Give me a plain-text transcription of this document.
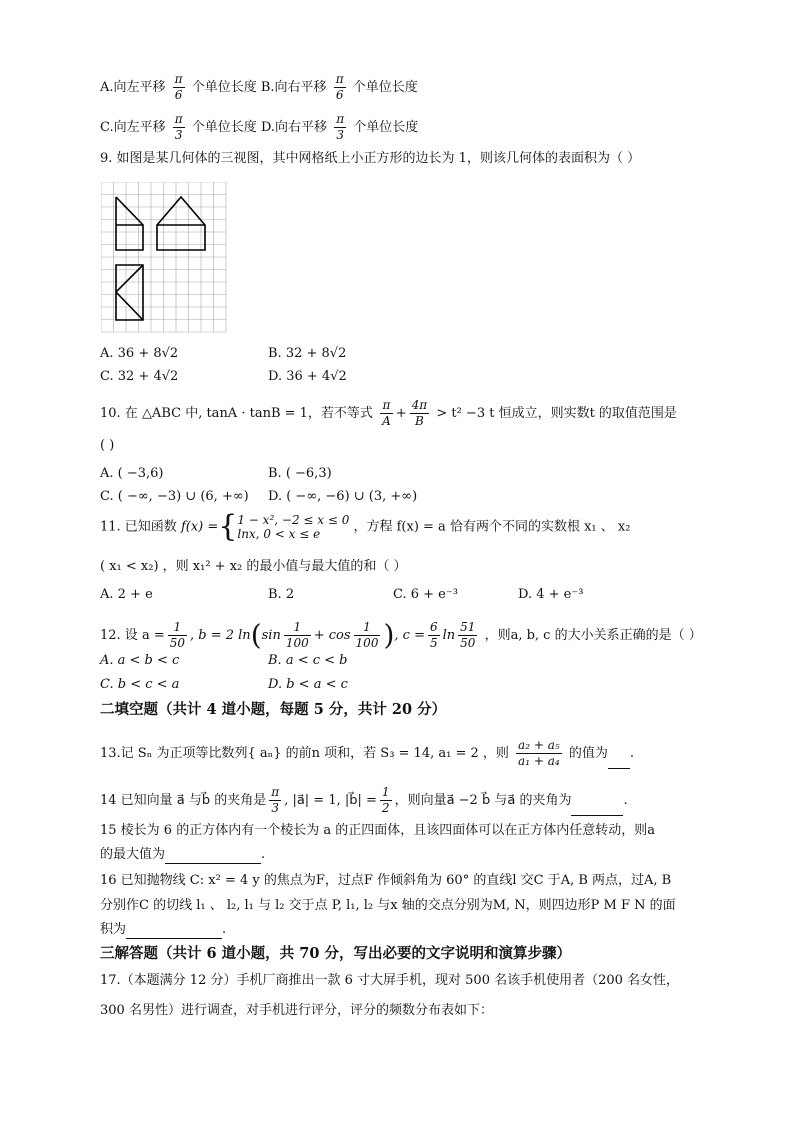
A.向左平移 $\frac{\pi}{6}$ 个单位长度 B.向右平移 $\frac{\pi}{6}$ 个单位长度
C.向左平移 $\frac{\pi}{3}$ 个单位长度 D.向右平移 $\frac{\pi}{3}$ 个单位长度
9. 如图是某几何体的三视图，其中网格纸上小正方形的边长为 1，则该几何体的表面积为（ ）
A. 36 + 8√2	B. 32 + 8√2
C. 32 + 4√2	D. 36 + 4√2
10. 在 △ABC 中, tanA · tanB = 1，若不等式 $\frac{\pi}{A} + \frac{4\pi}{B} > t^2 -3$ t 恒成立，则实数t 的取值范围是
( )
A. ( −3,6)	B. ( −6,3)
C. ( −∞, −3) ∪ (6, +∞) D. ( −∞, −6) ∪ (3, +∞)
11. 已知函数 f(x) ={ 1 − x², −2 ≤ x ≤ 0
lnx, 0 < x ≤ e	，方程 f(x) = a 恰有两个不同的实数根 x₁ 、 x₂
( x₁ < x₂) ，则 x₁² + x₂ 的最小值与最大值的和（ ）
A. 2 + e	B. 2	C. 6 + e⁻³	D. 4 + e⁻³
12. 设 $a = \frac{1}{50}$ , b = 2 $\ln(\sin \frac{1}{100} + \cos \frac{1}{100}$ ), $c = \frac{6}{5}$ $\ln \frac{51}{50}$ ，则a, b, c 的大小关系正确的是（ ）
A. a < b < c	B. a < c < b
C. b < c < a	D. b < a < c
二填空题（共计 4 道小题，每题 5 分，共计 20 分）
13.记 Sₙ 为正项等比数列{ aₙ} 的前n 项和，若 S₃ = 14, a₁ = 2 ，则 $\frac{\text{a₂ + a₅}}{\text{a₁ + a₄}}$ 的值为 .
14 已知向量 a⃗ 与b⃗ 的夹角是 $\frac{\pi}{3}$ , |a⃗| = 1, |b⃗| = $\frac{1}{2}$ ，则向量a⃗ −2 b⃗ 与a⃗ 的夹角为	.
15 棱长为 6 的正方体内有一个棱长为 a 的正四面体，且该四面体可以在正方体内任意转动，则a
的最大值为	.
16 已知抛物线 C: x² = 4 y 的焦点为F，过点F 作倾斜角为 60° 的直线l 交C 于A, B 两点，过A, B
分别作C 的切线 l₁ 、 l₂, l₁ 与 l₂ 交于点 P, l₁, l₂ 与x 轴的交点分别为M, N，则四边形P M F N 的面
积为	.
三解答题（共计 6 道小题，共 70 分，写出必要的文字说明和演算步骤）
17.（本题满分 12 分）手机厂商推出一款 6 寸大屏手机，现对 500 名该手机使用者（200 名女性，
300 名男性）进行调查，对手机进行评分，评分的频数分布表如下：
